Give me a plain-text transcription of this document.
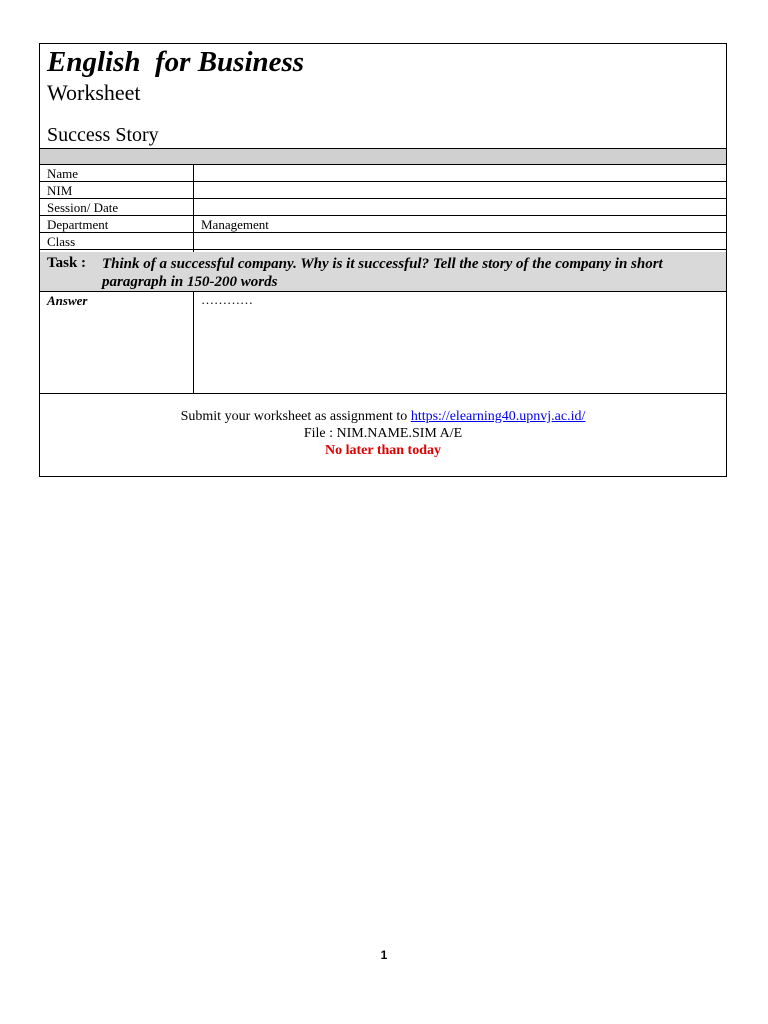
English  for Business
Worksheet
Success Story
Name
NIM
Session/ Date
Department	Management
Class
Task : Think of a successful company. Why is it successful? Tell the story of the company in short paragraph in 150-200 words
Answer	…………
Submit your worksheet as assignment to https://elearning40.upnvj.ac.id/
File : NIM.NAME.SIM A/E
No later than today
1
